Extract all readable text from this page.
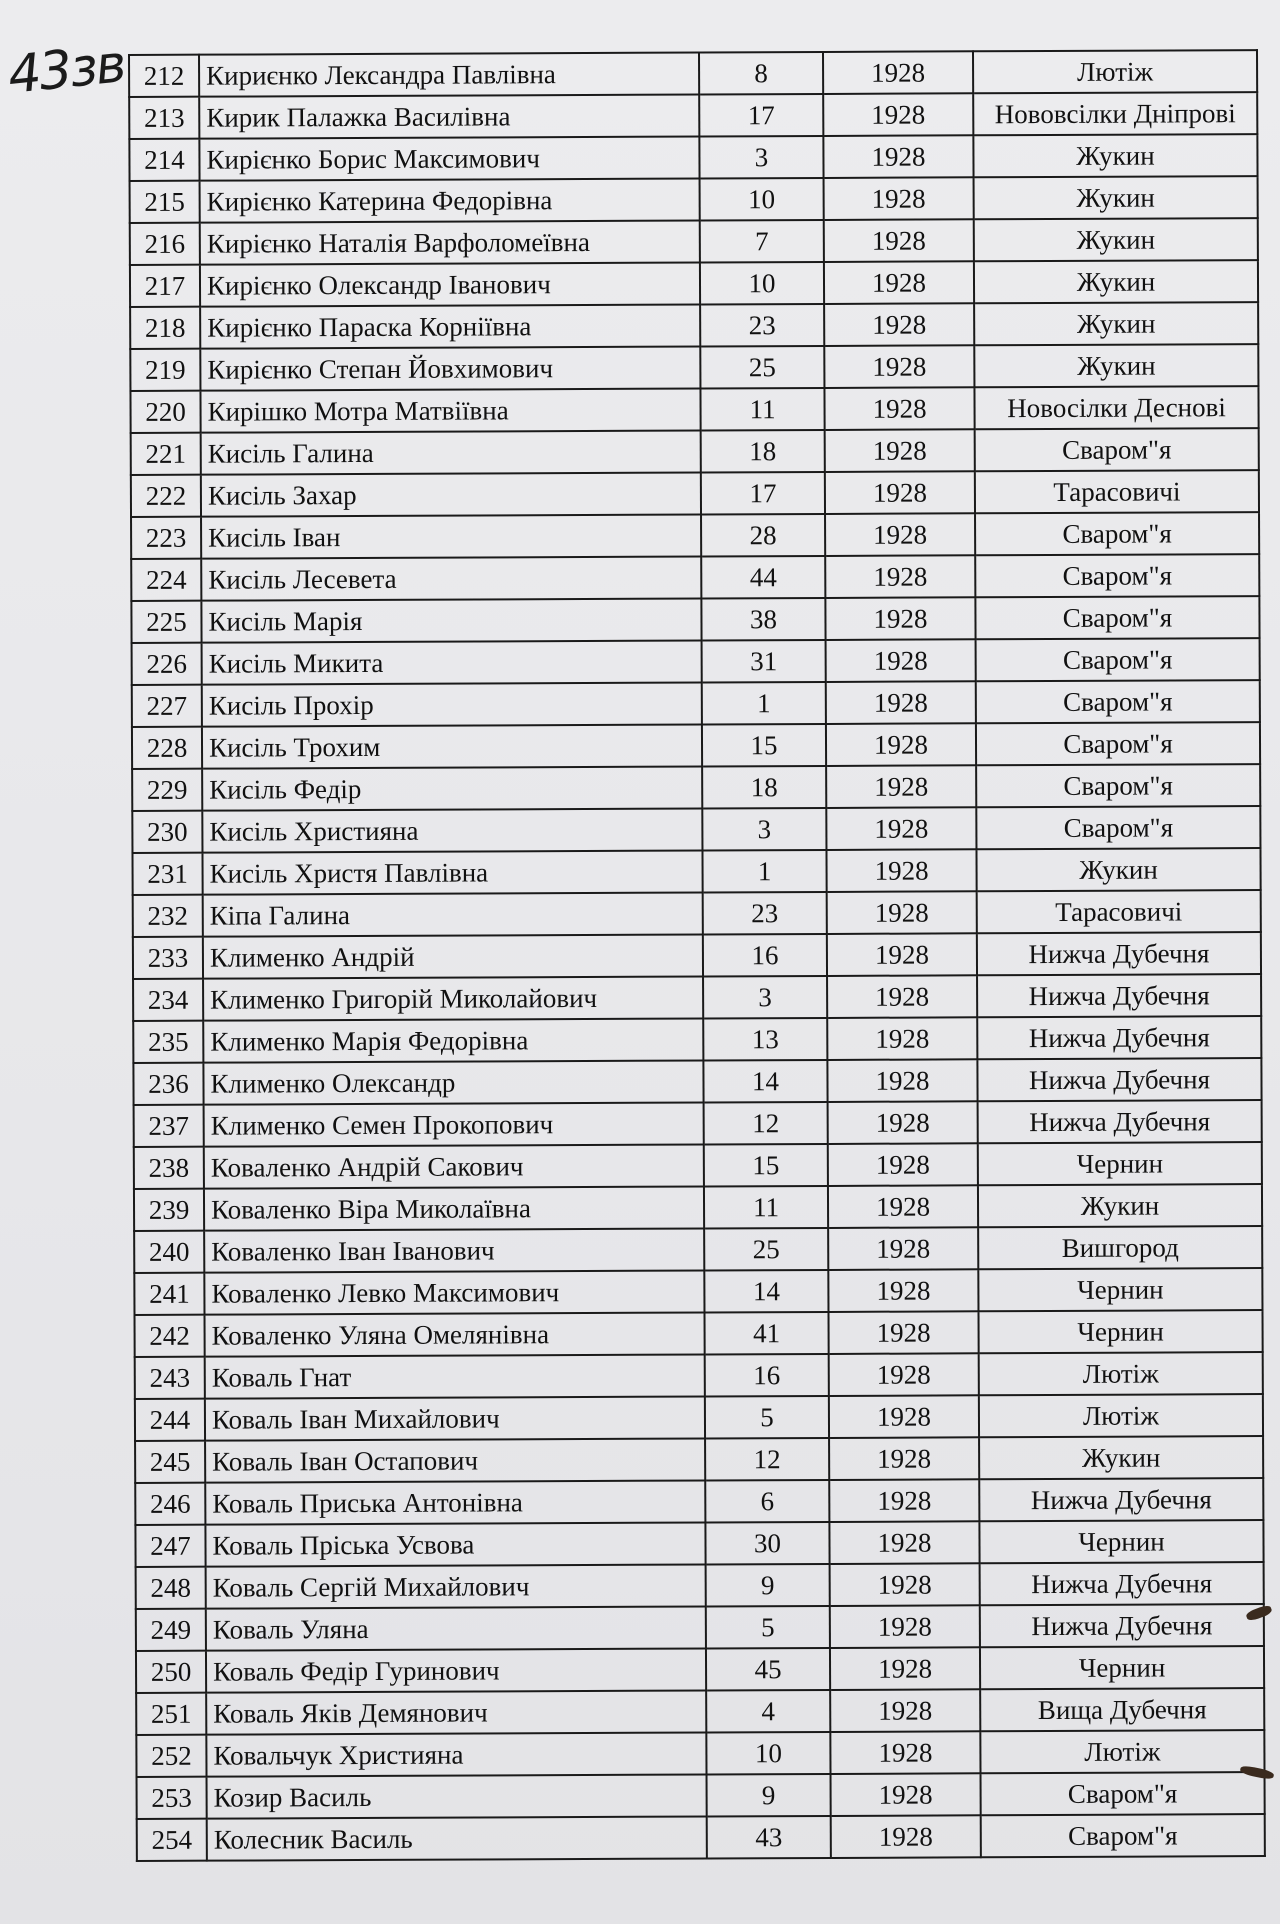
43зв 212	Кириєнко Лександра Павлівна	8	1928	Лютіж
213	Кирик Палажка Василівна	17	1928	Нововсілки Дніпрові
214	Кирієнко Борис Максимович	3	1928	Жукин
215	Кирієнко Катерина Федорівна	10	1928	Жукин
216	Кирієнко Наталія Варфоломеївна	7	1928	Жукин
217	Кирієнко Олександр Іванович	10	1928	Жукин
218	Кирієнко Параска Корніївна	23	1928	Жукин
219	Кирієнко Степан Йовхимович	25	1928	Жукин
220	Кирішко Мотра Матвіївна	11	1928	Новосілки Деснові
221	Кисіль Галина	18	1928	Сваром"я
222	Кисіль Захар	17	1928	Тарасовичі
223	Кисіль Іван	28	1928	Сваром"я
224	Кисіль Лесевета	44	1928	Сваром"я
225	Кисіль Марія	38	1928	Сваром"я
226	Кисіль Микита	31	1928	Сваром"я
227	Кисіль Прохір	1	1928	Сваром"я
228	Кисіль Трохим	15	1928	Сваром"я
229	Кисіль Федір	18	1928	Сваром"я
230	Кисіль Християна	3	1928	Сваром"я
231	Кисіль Христя Павлівна	1	1928	Жукин
232	Кіпа Галина	23	1928	Тарасовичі
233	Клименко Андрій	16	1928	Нижча Дубечня
234	Клименко Григорій Миколайович	3	1928	Нижча Дубечня
235	Клименко Марія Федорівна	13	1928	Нижча Дубечня
236	Клименко Олександр	14	1928	Нижча Дубечня
237	Клименко Семен Прокопович	12	1928	Нижча Дубечня
238	Коваленко Андрій Сакович	15	1928	Чернин
239	Коваленко Віра Миколаївна	11	1928	Жукин
240	Коваленко Іван Іванович	25	1928	Вишгород
241	Коваленко Левко Максимович	14	1928	Чернин
242	Коваленко Уляна Омелянівна	41	1928	Чернин
243	Коваль Гнат	16	1928	Лютіж
244	Коваль Іван Михайлович	5	1928	Лютіж
245	Коваль Іван Остапович	12	1928	Жукин
246	Коваль Приська Антонівна	6	1928	Нижча Дубечня
247	Коваль Пріська Усвова	30	1928	Чернин
248	Коваль Сергій Михайлович	9	1928	Нижча Дубечня
249	Коваль Уляна	5	1928	Нижча Дубечня
250	Коваль Федір Гуринович	45	1928	Чернин
251	Коваль Яків Демянович	4	1928	Вища Дубечня
252	Ковальчук Християна	10	1928	Лютіж
253	Козир Василь	9	1928	Сваром"я
254	Колесник Василь	43	1928	Сваром"я
